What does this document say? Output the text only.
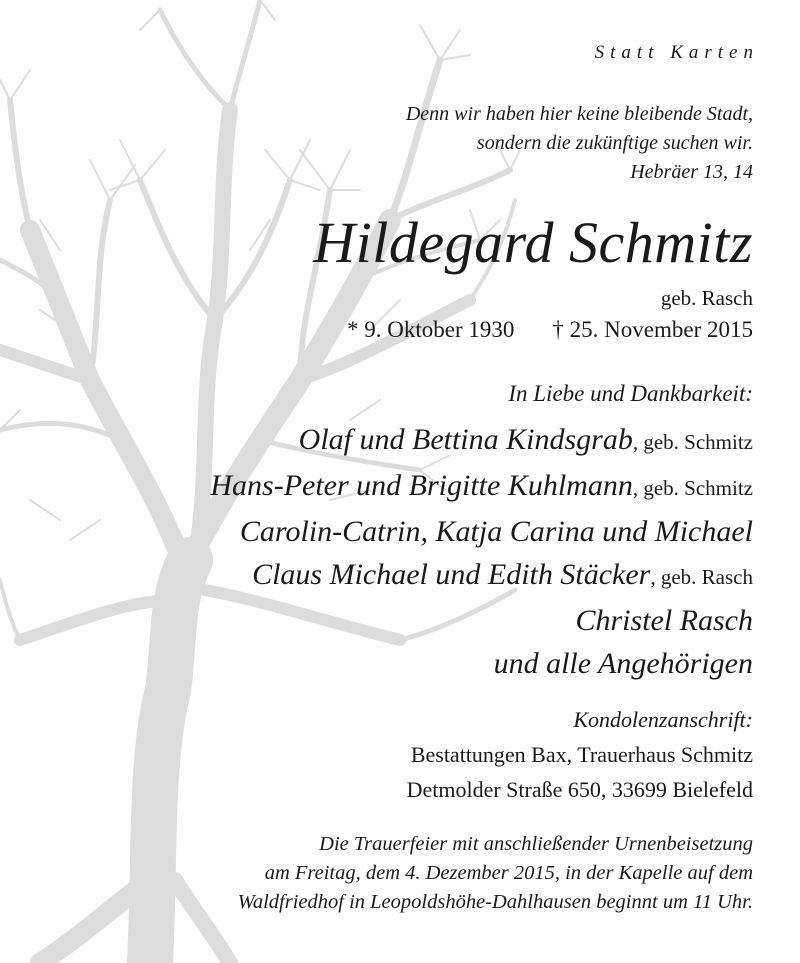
Statt Karten
Denn wir haben hier keine bleibende Stadt,
sondern die zukünftige suchen wir.
Hebräer 13, 14
Hildegard Schmitz
geb. Rasch
* 9. Oktober 1930 † 25. November 2015
In Liebe und Dankbarkeit:
Olaf und Bettina Kindsgrab, geb. Schmitz
Hans-Peter und Brigitte Kuhlmann, geb. Schmitz
Carolin-Catrin, Katja Carina und Michael
Claus Michael und Edith Stäcker, geb. Rasch
Christel Rasch
und alle Angehörigen
Kondolenzanschrift:
Bestattungen Bax, Trauerhaus Schmitz
Detmolder Straße 650, 33699 Bielefeld
Die Trauerfeier mit anschließender Urnenbeisetzung
am Freitag, dem 4. Dezember 2015, in der Kapelle auf dem
Waldfriedhof in Leopoldshöhe-Dahlhausen beginnt um 11 Uhr.
